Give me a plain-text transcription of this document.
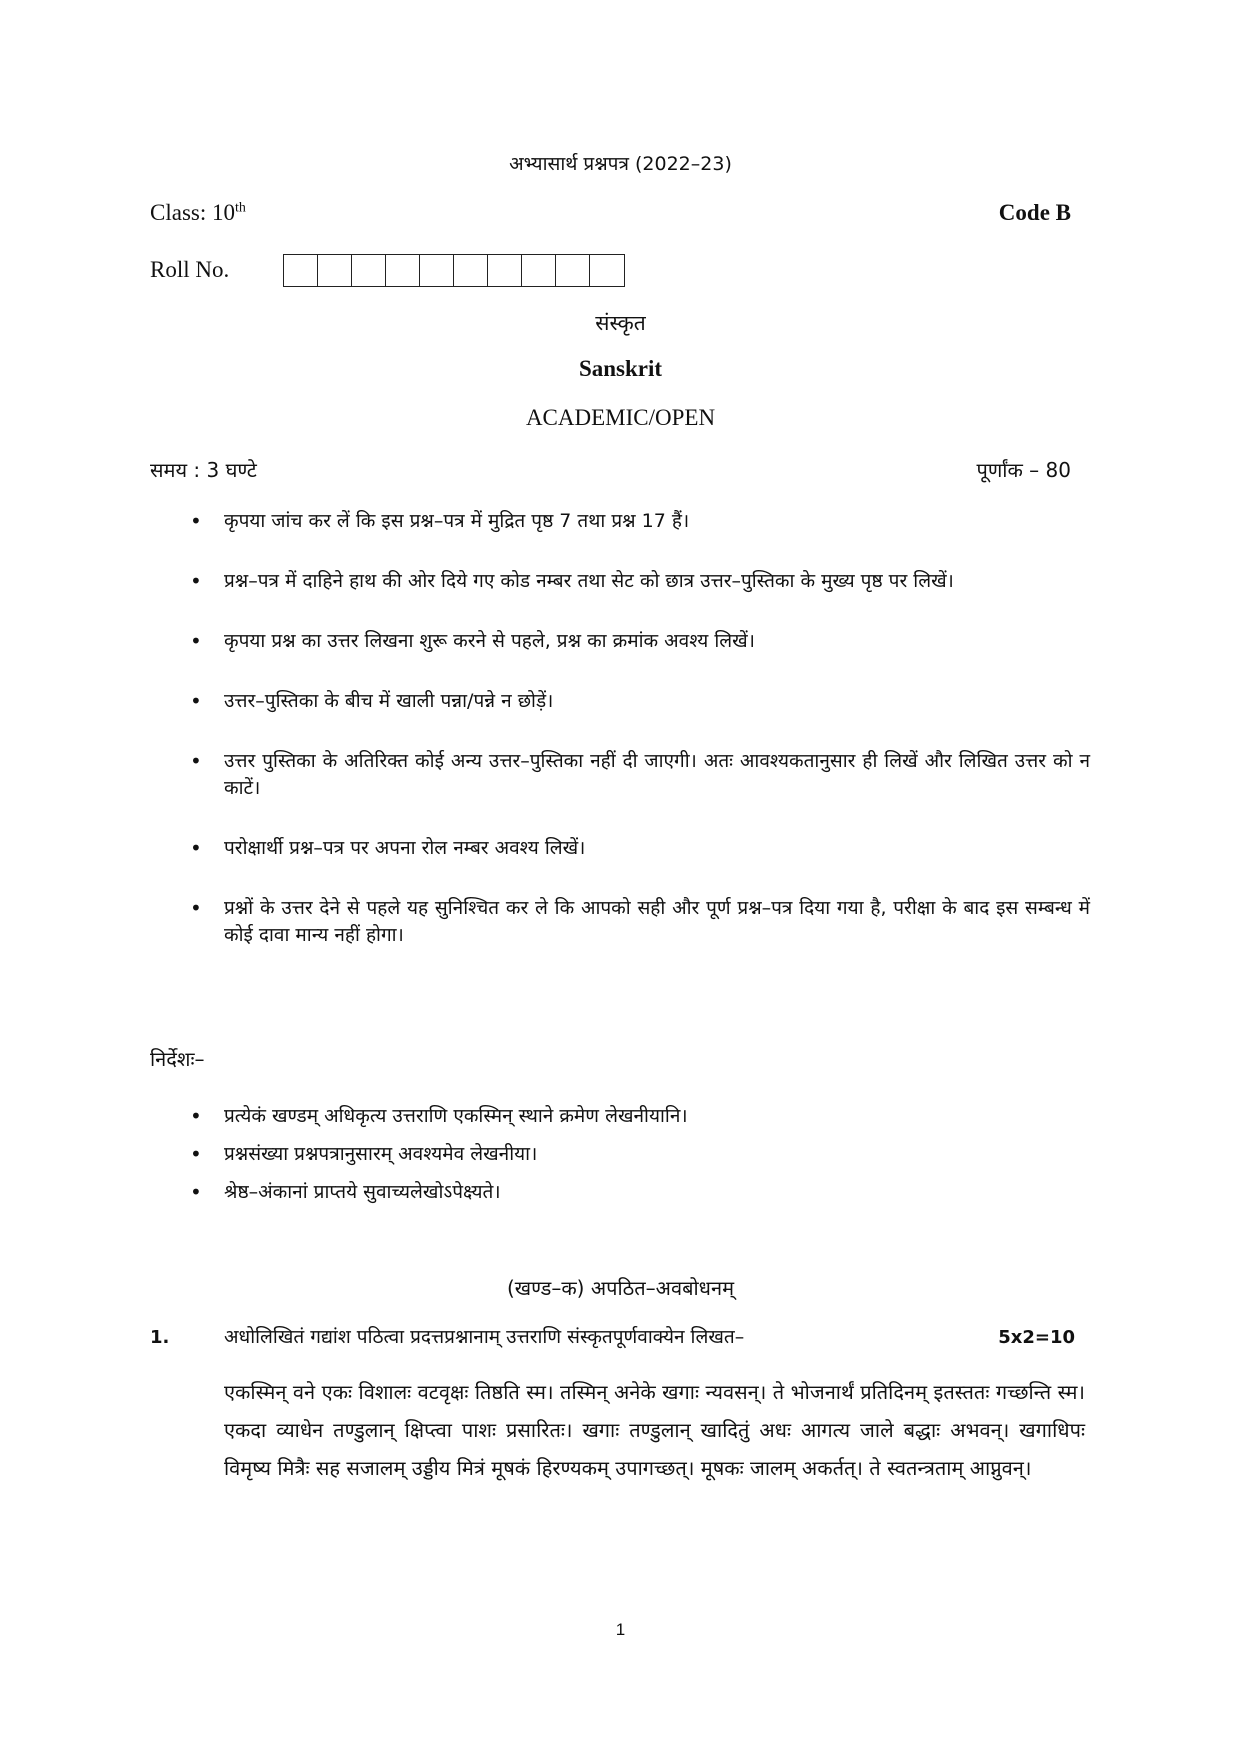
अभ्यासार्थ प्रश्नपत्र (2022–23)
Class: 10th	Code B
Roll No.
संस्कृत
Sanskrit
ACADEMIC/OPEN
समय : 3 घण्टे	पूर्णांक – 80
• कृपया जांच कर लें कि इस प्रश्न–पत्र में मुद्रित पृष्ठ 7 तथा प्रश्न 17 हैं।
• प्रश्न–पत्र में दाहिने हाथ की ओर दिये गए कोड नम्बर तथा सेट को छात्र उत्तर–पुस्तिका के मुख्य पृष्ठ पर लिखें।
• कृपया प्रश्न का उत्तर लिखना शुरू करने से पहले, प्रश्न का क्रमांक अवश्य लिखें।
• उत्तर–पुस्तिका के बीच में खाली पन्ना/पन्ने न छोड़ें।
• उत्तर पुस्तिका के अतिरिक्त कोई अन्य उत्तर–पुस्तिका नहीं दी जाएगी। अतः आवश्यकतानुसार ही लिखें और लिखित उत्तर को न काटें।
• परोक्षार्थी प्रश्न–पत्र पर अपना रोल नम्बर अवश्य लिखें।
• प्रश्नों के उत्तर देने से पहले यह सुनिश्चित कर ले कि आपको सही और पूर्ण प्रश्न–पत्र दिया गया है, परीक्षा के बाद इस सम्बन्ध में कोई दावा मान्य नहीं होगा।
निर्देशः–
• प्रत्येकं खण्डम् अधिकृत्य उत्तराणि एकस्मिन् स्थाने क्रमेण लेखनीयानि।
• प्रश्नसंख्या प्रश्नपत्रानुसारम् अवश्यमेव लेखनीया।
• श्रेष्ठ–अंकानां प्राप्तये सुवाच्यलेखोऽपेक्ष्यते।
(खण्ड–क) अपठित–अवबोधनम्
1.	अधोलिखितं गद्यांश पठित्वा प्रदत्तप्रश्नानाम् उत्तराणि संस्कृतपूर्णवाक्येन लिखत–	5x2=10

एकस्मिन् वने एकः विशालः वटवृक्षः तिष्ठति स्म। तस्मिन् अनेके खगाः न्यवसन्। ते भोजनार्थं प्रतिदिनम् इतस्ततः गच्छन्ति स्म। एकदा व्याधेन तण्डुलान् क्षिप्त्वा पाशः प्रसारितः। खगाः तण्डुलान् खादितुं अधः आगत्य जाले बद्धाः अभवन्। खगाधिपः विमृष्य मित्रैः सह सजालम् उड्डीय मित्रं मूषकं हिरण्यकम् उपागच्छत्। मूषकः जालम् अकर्तत्। ते स्वतन्त्रताम् आप्नुवन्।

1
